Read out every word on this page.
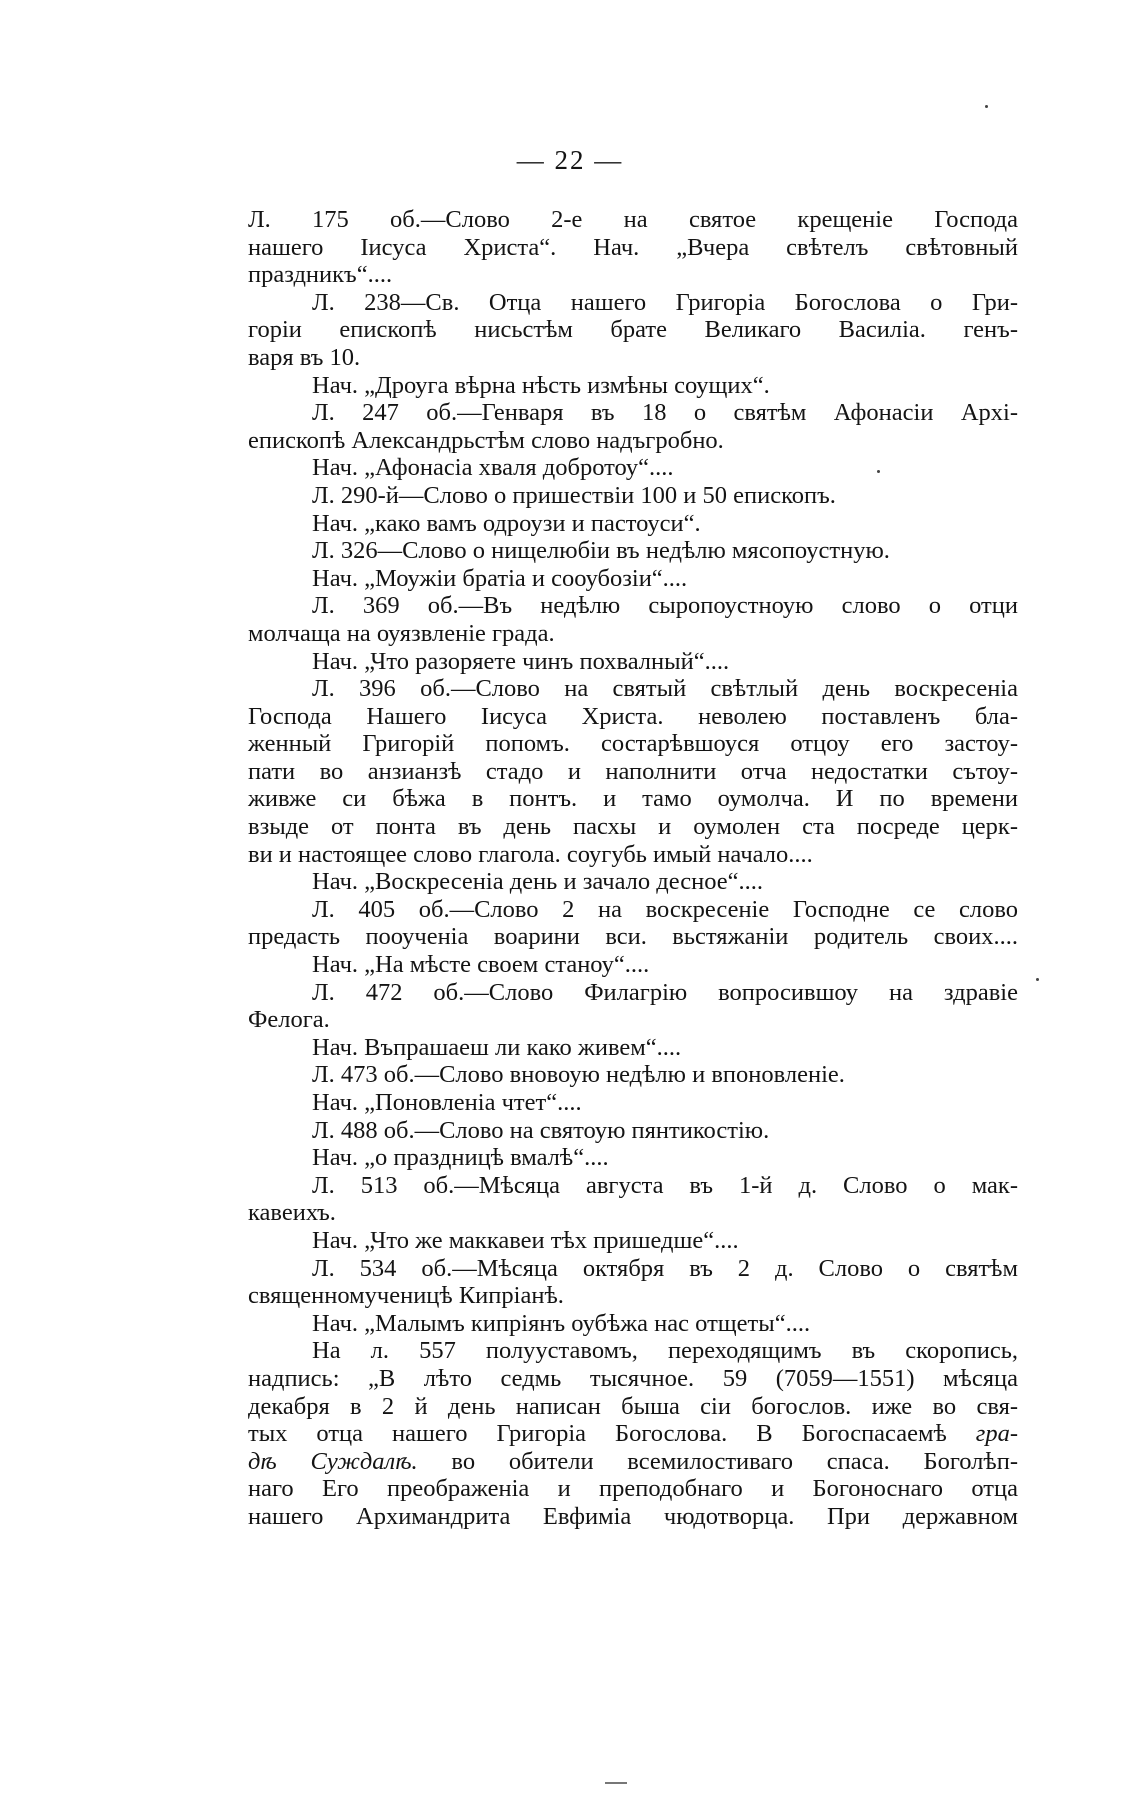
— 22 —
Л. 175 об.—Слово 2-е на святое крещенiе Господа
нашего Iисуса Христа“. Нач. „Вчера свѣтелъ свѣтовный
праздникъ“....
Л. 238—Св. Отца нашего Григорiа Богослова о Гри-
горiи епископѣ нисьстѣм брате Великаго Василiа. генъ-
варя въ 10.
Нач. „Дроуга вѣрна нѣсть измѣны соущих“.
Л. 247 об.—Генваря въ 18 о святѣм Афонасiи Архi-
епископѣ Александрьстѣм слово надъгробно.
Нач. „Афонасiа хваля добротоу“....
Л. 290-й—Слово о пришествiи 100 и 50 епископъ.
Нач. „како вамъ одроузи и пастоуси“.
Л. 326—Слово о нищелюбiи въ недѣлю мясопоустную.
Нач. „Моужiи братiа и сооубозiи“....
Л. 369 об.—Въ недѣлю сыропоустноую слово о отци
молчаща на оуязвленiе града.
Нач. „Что разоряете чинъ похвалный“....
Л. 396 об.—Слово на святый свѣтлый день воскресенiа
Господа Нашего Iисуса Христа. неволею поставленъ бла-
женный Григорiй попомъ. состарѣвшоуся отцоу его застоу-
пати во анзианзѣ стадо и наполнити отча недостатки сътоу-
живже си бѣжа в понтъ. и тамо оумолча. И по времени
взыде от понта въ день пасхы и оумолен ста посреде церк-
ви и настоящее слово глагола. соугубь имый начало....
Нач. „Воскресенiа день и зачало десное“....
Л. 405 об.—Слово 2 на воскресенiе Господне се слово
предасть пооученiа воарини вси. вьстяжанiи родитель своих....
Нач. „На мѣсте своем станоу“....
Л. 472 об.—Слово Филагрiю вопросившоу на здравiе
Фелога.
Нач. Въпрашаеш ли како живем“....
Л. 473 об.—Слово вновоую недѣлю и впоновленiе.
Нач. „Поновленiа чтет“....
Л. 488 об.—Слово на святоую пянтикостiю.
Нач. „о праздницѣ вмалѣ“....
Л. 513 об.—Мѣсяца августа въ 1-й д. Слово о мак-
кавеихъ.
Нач. „Что же маккавеи тѣх пришедше“....
Л. 534 об.—Мѣсяца октября въ 2 д. Слово о святѣм
священномученицѣ Кипрiанѣ.
Нач. „Малымъ кипрiянъ оубѣжа нас отщеты“....
На л. 557 полууставомъ, переходящимъ въ скоропись,
надпись: „В лѣто седмь тысячное. 59 (7059—1551) мѣсяца
декабря в 2 й день написан быша сiи богослов. иже во свя-
тых отца нашего Григорiа Богослова. В Богоспасаемѣ гра-
дѣ Суждалѣ. во обители всемилостиваго спаса. Боголѣп-
наго Его преображенiа и преподобнаго и Богоноснаго отца
нашего Архимандрита Евфимiа чюдотворца. При державном
